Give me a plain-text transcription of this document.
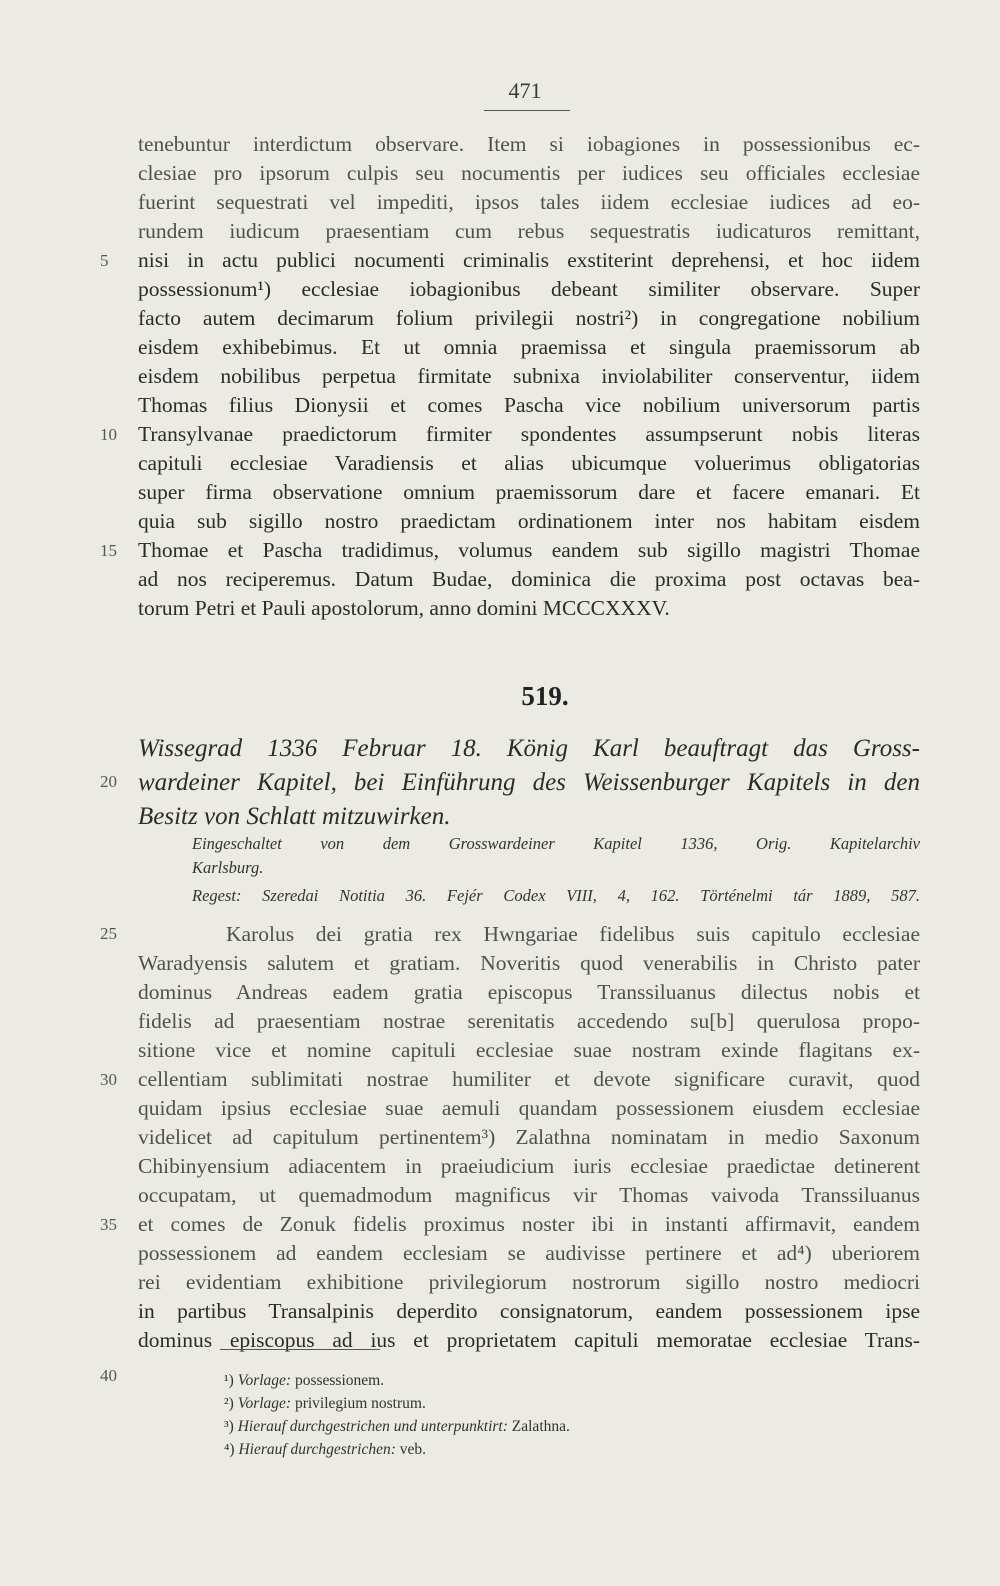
471
tenebuntur interdictum observare. Item si iobagiones in possessionibus ec-
clesiae pro ipsorum culpis seu nocumentis per iudices seu officiales ecclesiae
fuerint sequestrati vel impediti, ipsos tales iidem ecclesiae iudices ad eo-
rundem iudicum praesentiam cum rebus sequestratis iudicaturos remittant,
nisi in actu publici nocumenti criminalis exstiterint deprehensi, et hoc iidem
possessionum¹) ecclesiae iobagionibus debeant similiter observare. Super
facto autem decimarum folium privilegii nostri²) in congregatione nobilium
eisdem exhibebimus. Et ut omnia praemissa et singula praemissorum ab
eisdem nobilibus perpetua firmitate subnixa inviolabiliter conserventur, iidem
Thomas filius Dionysii et comes Pascha vice nobilium universorum partis
Transylvanae praedictorum firmiter spondentes assumpserunt nobis literas
capituli ecclesiae Varadiensis et alias ubicumque voluerimus obligatorias
super firma observatione omnium praemissorum dare et facere emanari. Et
quia sub sigillo nostro praedictam ordinationem inter nos habitam eisdem
Thomae et Pascha tradidimus, volumus eandem sub sigillo magistri Thomae
ad nos reciperemus. Datum Budae, dominica die proxima post octavas bea-
torum Petri et Pauli apostolorum, anno domini MCCCXXXV.
519.
Wissegrad 1336 Februar 18. König Karl beauftragt das Gross-
wardeiner Kapitel, bei Einführung des Weissenburger Kapitels in den
Besitz von Schlatt mitzuwirken.
Eingeschaltet von dem Grosswardeiner Kapitel 1336, Orig. Kapitelarchiv
Karlsburg.
Regest: Szeredai Notitia 36. Fejér Codex VIII, 4, 162. Történelmi tár 1889, 587.
Karolus dei gratia rex Hwngariae fidelibus suis capitulo ecclesiae
Waradyensis salutem et gratiam. Noveritis quod venerabilis in Christo pater
dominus Andreas eadem gratia episcopus Transsiluanus dilectus nobis et
fidelis ad praesentiam nostrae serenitatis accedendo su[b] querulosa propo-
sitione vice et nomine capituli ecclesiae suae nostram exinde flagitans ex-
cellentiam sublimitati nostrae humiliter et devote significare curavit, quod
quidam ipsius ecclesiae suae aemuli quandam possessionem eiusdem ecclesiae
videlicet ad capitulum pertinentem³) Zalathna nominatam in medio Saxonum
Chibinyensium adiacentem in praeiudicium iuris ecclesiae praedictae detinerent
occupatam, ut quemadmodum magnificus vir Thomas vaivoda Transsiluanus
et comes de Zonuk fidelis proximus noster ibi in instanti affirmavit, eandem
possessionem ad eandem ecclesiam se audivisse pertinere et ad⁴) uberiorem
rei evidentiam exhibitione privilegiorum nostrorum sigillo nostro mediocri
in partibus Transalpinis deperdito consignatorum, eandem possessionem ipse
dominus episcopus ad ius et proprietatem capituli memoratae ecclesiae Trans-
5
10
15
20
25
30
35
40	¹) Vorlage: possessionem.
²) Vorlage: privilegium nostrum.
³) Hierauf durchgestrichen und unterpunktirt: Zalathna.
⁴) Hierauf durchgestrichen: veb.
